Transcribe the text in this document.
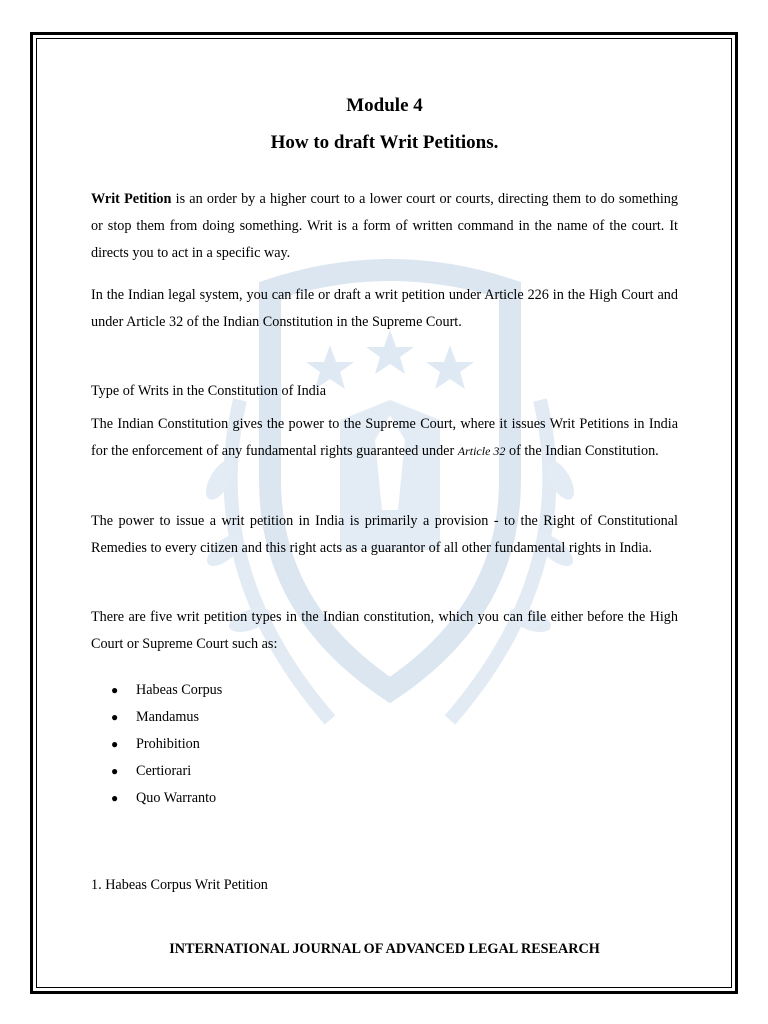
Module 4
How to draft Writ Petitions.
Writ Petition is an order by a higher court to a lower court or courts, directing them to do something or stop them from doing something. Writ is a form of written command in the name of the court. It directs you to act in a specific way.
In the Indian legal system, you can file or draft a writ petition under Article 226 in the High Court and under Article 32 of the Indian Constitution in the Supreme Court.
Type of Writs in the Constitution of India
The Indian Constitution gives the power to the Supreme Court, where it issues Writ Petitions in India for the enforcement of any fundamental rights guaranteed under Article 32 of the Indian Constitution.
The power to issue a writ petition in India is primarily a provision - to the Right of Constitutional Remedies to every citizen and this right acts as a guarantor of all other fundamental rights in India.
There are five writ petition types in the Indian constitution, which you can file either before the High Court or Supreme Court such as:
● Habeas Corpus
● Mandamus
● Prohibition
● Certiorari
● Quo Warranto
1. Habeas Corpus Writ Petition
INTERNATIONAL JOURNAL OF ADVANCED LEGAL RESEARCH
